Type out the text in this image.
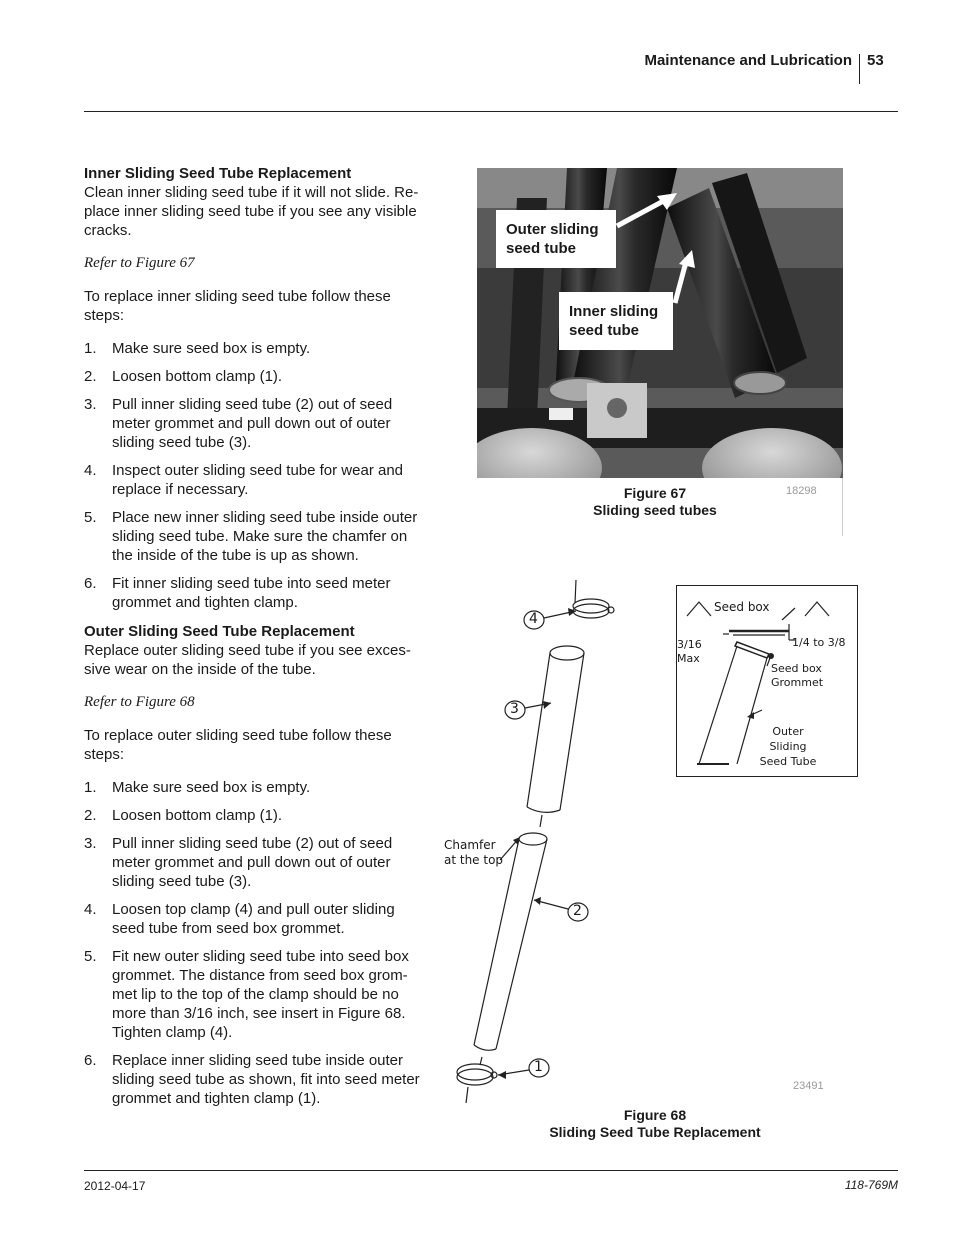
Maintenance and Lubrication 53
Inner Sliding Seed Tube Replacement

Clean inner sliding seed tube if it will not slide. Re-place inner sliding seed tube if you see any visible cracks.

Refer to Figure 67

To replace inner sliding seed tube follow these steps:

1.	Make sure seed box is empty.
2.	Loosen bottom clamp (1).
3.	Pull inner sliding seed tube (2) out of seed meter grommet and pull down out of outer sliding seed tube (3).
4.	Inspect outer sliding seed tube for wear and replace if necessary.
5.	Place new inner sliding seed tube inside outer sliding seed tube. Make sure the chamfer on the inside of the tube is up as shown.
6.	Fit inner sliding seed tube into seed meter grommet and tighten clamp.
Outer Sliding Seed Tube Replacement

Replace outer sliding seed tube if you see exces-sive wear on the inside of the tube.

Refer to Figure 68

To replace outer sliding seed tube follow these steps:

1.	Make sure seed box is empty.
2.	Loosen bottom clamp (1).
3.	Pull inner sliding seed tube (2) out of seed meter grommet and pull down out of outer sliding seed tube (3).
4.	Loosen top clamp (4) and pull outer sliding seed tube from seed box grommet.
5.	Fit new outer sliding seed tube into seed box grommet. The distance from seed box grom-met lip to the top of the clamp should be no more than 3/16 inch, see insert in Figure 68. Tighten clamp (4).
6.	Replace inner sliding seed tube inside outer sliding seed tube as shown, fit into seed meter grommet and tighten clamp (1).
Outer sliding
seed tube
Inner sliding
seed tube
18298
Figure 67
Sliding seed tubes
4
3
2
1
Chamfer
at the top
Seed box
3/16
Max
1/4 to 3/8
Seed box
Grommet
Outer
Sliding
Seed Tube
23491
Figure 68
Sliding Seed Tube Replacement
2012-04-17	118-769M
